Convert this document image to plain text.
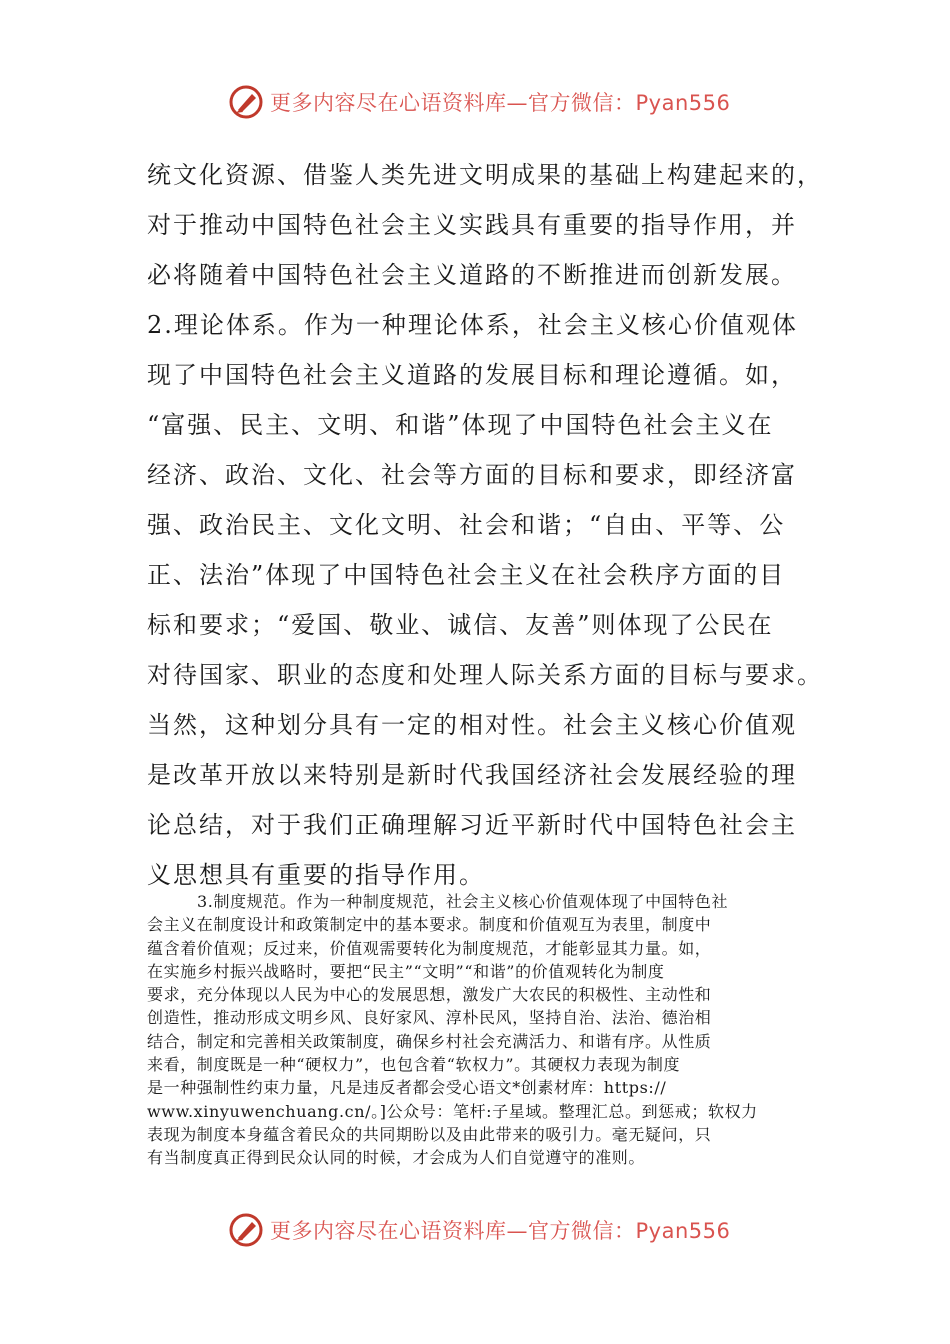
更多内容尽在心语资料库—官方微信：Pyan556
统文化资源、借鉴人类先进文明成果的基础上构建起来的，
对于推动中国特色社会主义实践具有重要的指导作用，并
必将随着中国特色社会主义道路的不断推进而创新发展。
2.理论体系。作为一种理论体系，社会主义核心价值观体
现了中国特色社会主义道路的发展目标和理论遵循。如，
“富强、民主、文明、和谐”体现了中国特色社会主义在
经济、政治、文化、社会等方面的目标和要求，即经济富
强、政治民主、文化文明、社会和谐；“自由、平等、公
正、法治”体现了中国特色社会主义在社会秩序方面的目
标和要求；“爱国、敬业、诚信、友善”则体现了公民在
对待国家、职业的态度和处理人际关系方面的目标与要求。
当然，这种划分具有一定的相对性。社会主义核心价值观
是改革开放以来特别是新时代我国经济社会发展经验的理
论总结，对于我们正确理解习近平新时代中国特色社会主
义思想具有重要的指导作用。
3.制度规范。作为一种制度规范，社会主义核心价值观体现了中国特色社
会主义在制度设计和政策制定中的基本要求。制度和价值观互为表里，制度中
蕴含着价值观；反过来，价值观需要转化为制度规范，才能彰显其力量。如，
在实施乡村振兴战略时，要把“民主”“文明”“和谐”的价值观转化为制度
要求，充分体现以人民为中心的发展思想，激发广大农民的积极性、主动性和
创造性，推动形成文明乡风、良好家风、淳朴民风，坚持自治、法治、德治相
结合，制定和完善相关政策制度，确保乡村社会充满活力、和谐有序。从性质
来看，制度既是一种“硬权力”，也包含着“软权力”。其硬权力表现为制度
是一种强制性约束力量，凡是违反者都会受心语文*创素材库：https://
www.xinyuwenchuang.cn/。]公众号：笔杆:子星域。整理汇总。到惩戒；软权力
表现为制度本身蕴含着民众的共同期盼以及由此带来的吸引力。毫无疑问，只
有当制度真正得到民众认同的时候，才会成为人们自觉遵守的准则。
更多内容尽在心语资料库—官方微信：Pyan556
